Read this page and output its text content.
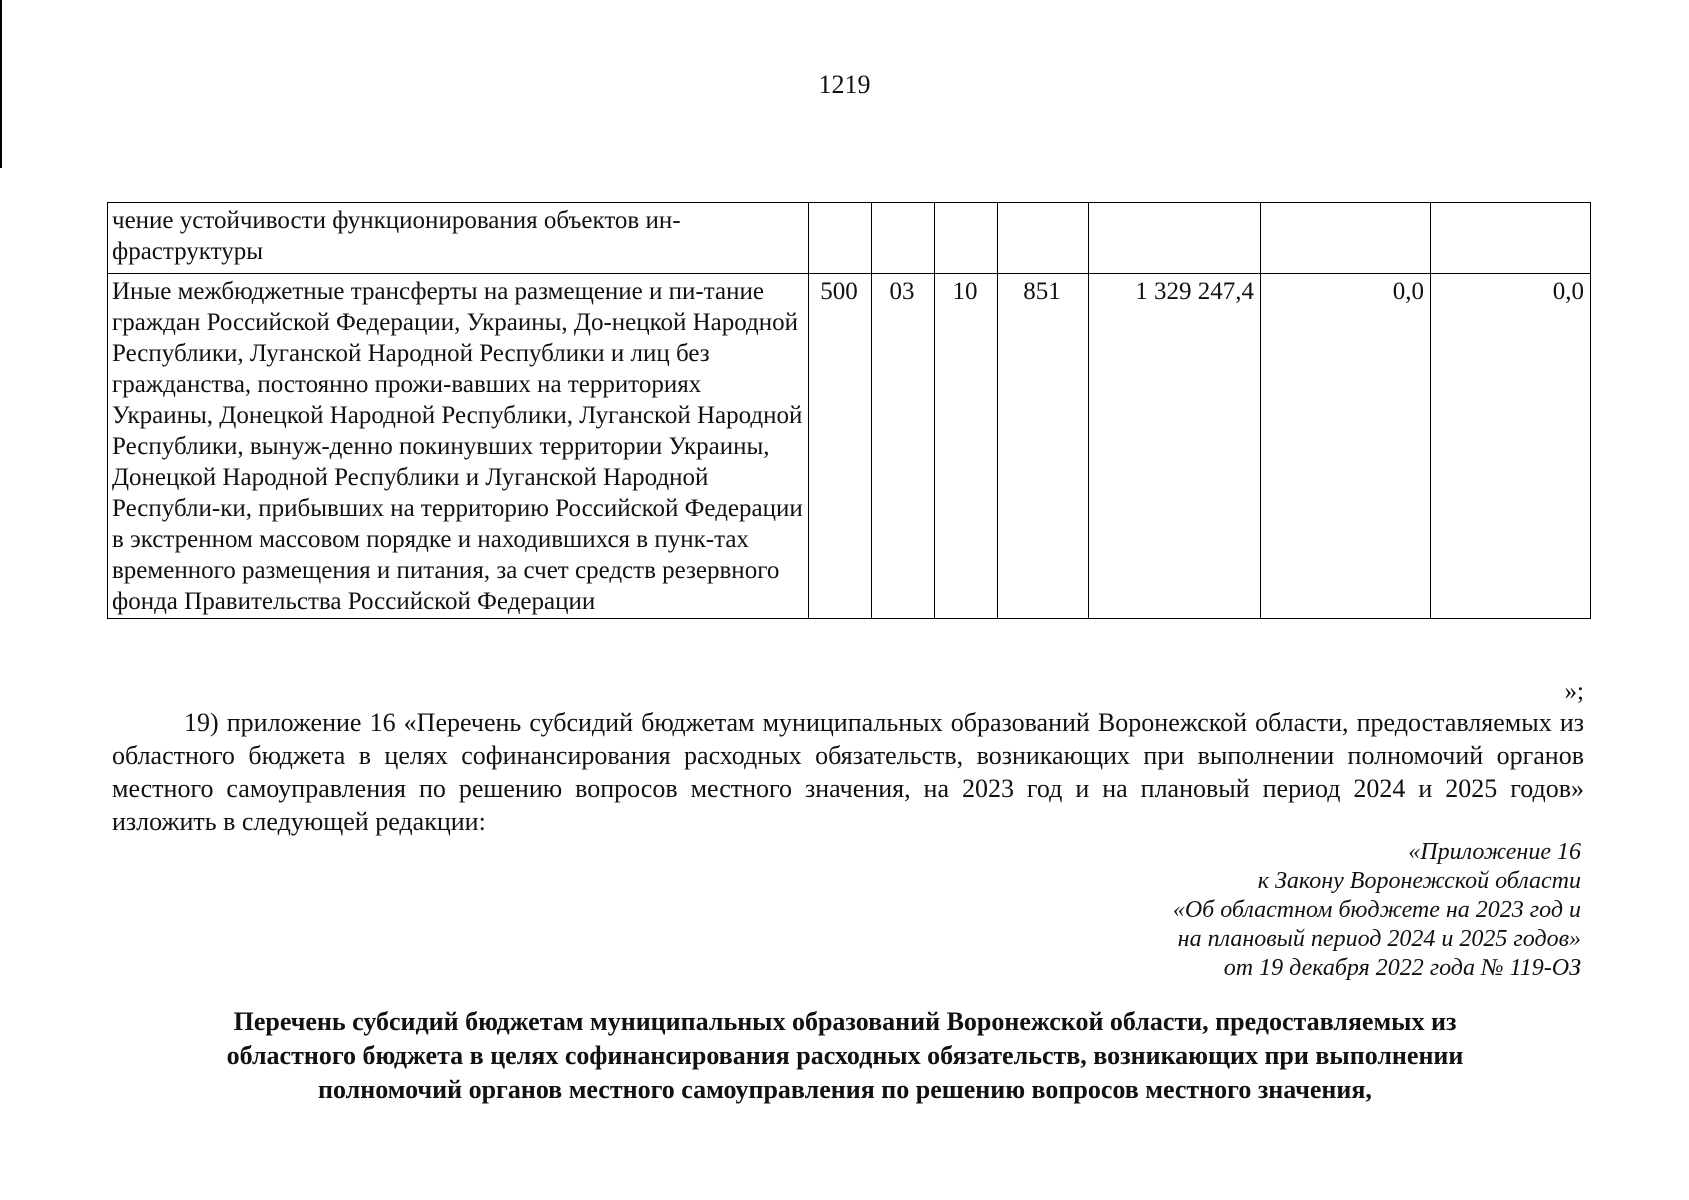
1219
чение устойчивости функционирования объектов ин-фраструктуры							
Иные межбюджетные трансферты на размещение и пи-тание граждан Российской Федерации, Украины, До-нецкой Народной Республики, Луганской Народной Республики и лиц без гражданства, постоянно прожи-вавших на территориях Украины, Донецкой Народной Республики, Луганской Народной Республики, вынуж-денно покинувших территории Украины, Донецкой Народной Республики и Луганской Народной Республи-ки, прибывших на территорию Российской Федерации в экстренном массовом порядке и находившихся в пунк-тах временного размещения и питания, за счет средств резервного фонда Правительства Российской Федерации	500	03	10	851	1 329 247,4	0,0	0,0
»;

19) приложение 16 «Перечень субсидий бюджетам муниципальных образований Воронежской области, предоставляемых из областного бюджета в целях софинансирования расходных обязательств, возникающих при выполнении полномочий органов местного самоуправления по решению вопросов местного значения, на 2023 год и на плановый период 2024 и 2025 годов» изложить в следующей редакции:

«Приложение 16
к Закону Воронежской области
«Об областном бюджете на 2023 год и
на плановый период 2024 и 2025 годов»
от 19 декабря 2022 года № 119-ОЗ
Перечень субсидий бюджетам муниципальных образований Воронежской области, предоставляемых из
областного бюджета в целях софинансирования расходных обязательств, возникающих при выполнении
полномочий органов местного самоуправления по решению вопросов местного значения,
